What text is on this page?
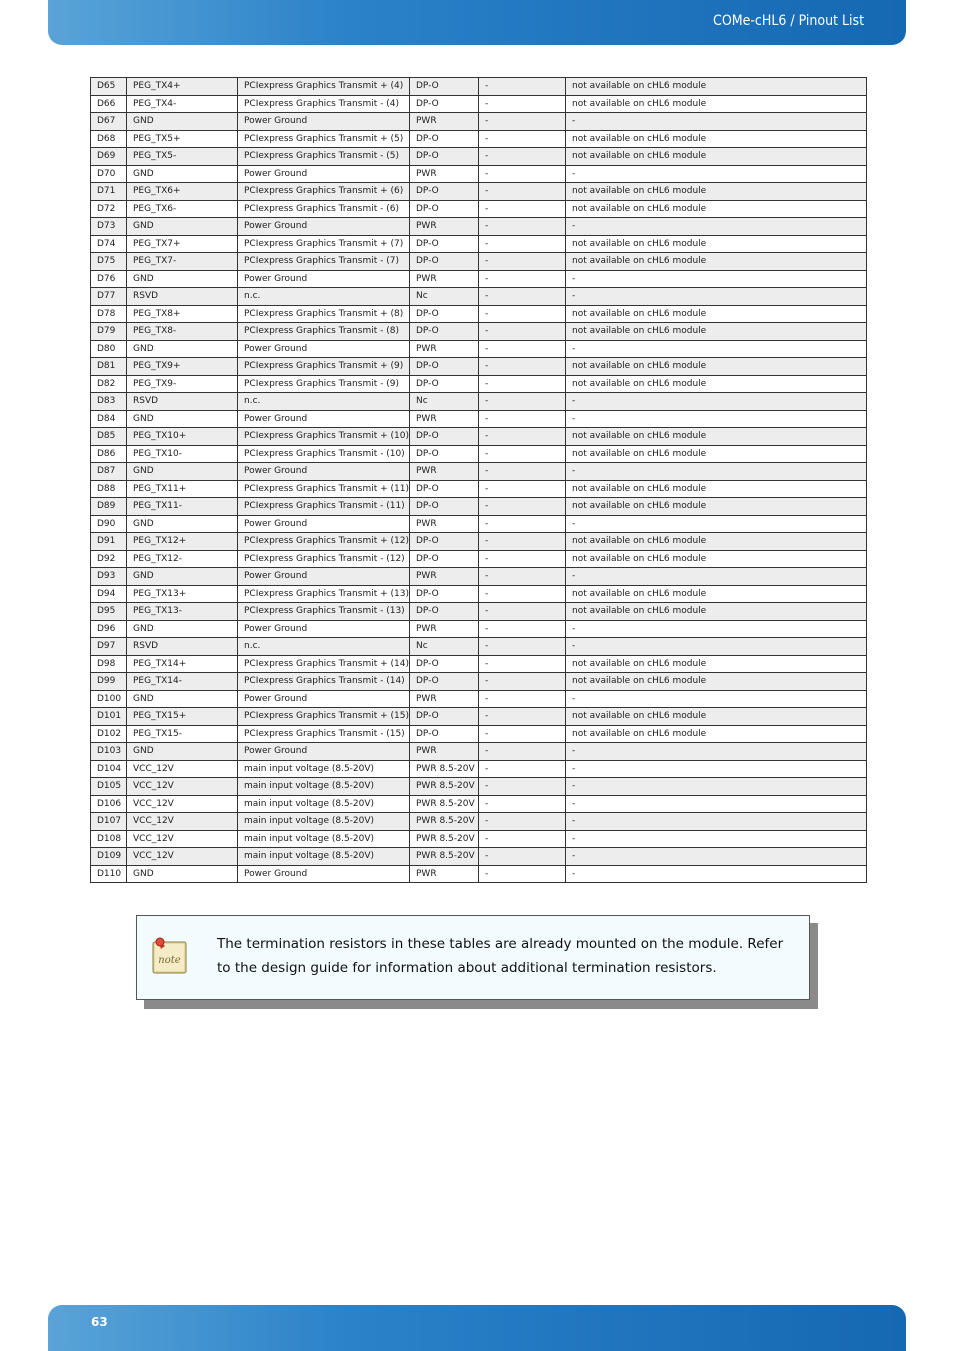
COMe-cHL6 / Pinout List
D65	PEG_TX4+	PCIexpress Graphics Transmit + (4)	DP-O	-	not available on cHL6 module
D66	PEG_TX4-	PCIexpress Graphics Transmit - (4)	DP-O	-	not available on cHL6 module
D67	GND	Power Ground	PWR	-	-
D68	PEG_TX5+	PCIexpress Graphics Transmit + (5)	DP-O	-	not available on cHL6 module
D69	PEG_TX5-	PCIexpress Graphics Transmit - (5)	DP-O	-	not available on cHL6 module
D70	GND	Power Ground	PWR	-	-
D71	PEG_TX6+	PCIexpress Graphics Transmit + (6)	DP-O	-	not available on cHL6 module
D72	PEG_TX6-	PCIexpress Graphics Transmit - (6)	DP-O	-	not available on cHL6 module
D73	GND	Power Ground	PWR	-	-
D74	PEG_TX7+	PCIexpress Graphics Transmit + (7)	DP-O	-	not available on cHL6 module
D75	PEG_TX7-	PCIexpress Graphics Transmit - (7)	DP-O	-	not available on cHL6 module
D76	GND	Power Ground	PWR	-	-
D77	RSVD	n.c.	Nc	-	-
D78	PEG_TX8+	PCIexpress Graphics Transmit + (8)	DP-O	-	not available on cHL6 module
D79	PEG_TX8-	PCIexpress Graphics Transmit - (8)	DP-O	-	not available on cHL6 module
D80	GND	Power Ground	PWR	-	-
D81	PEG_TX9+	PCIexpress Graphics Transmit + (9)	DP-O	-	not available on cHL6 module
D82	PEG_TX9-	PCIexpress Graphics Transmit - (9)	DP-O	-	not available on cHL6 module
D83	RSVD	n.c.	Nc	-	-
D84	GND	Power Ground	PWR	-	-
D85	PEG_TX10+	PCIexpress Graphics Transmit + (10)	DP-O	-	not available on cHL6 module
D86	PEG_TX10-	PCIexpress Graphics Transmit - (10)	DP-O	-	not available on cHL6 module
D87	GND	Power Ground	PWR	-	-
D88	PEG_TX11+	PCIexpress Graphics Transmit + (11)	DP-O	-	not available on cHL6 module
D89	PEG_TX11-	PCIexpress Graphics Transmit - (11)	DP-O	-	not available on cHL6 module
D90	GND	Power Ground	PWR	-	-
D91	PEG_TX12+	PCIexpress Graphics Transmit + (12)	DP-O	-	not available on cHL6 module
D92	PEG_TX12-	PCIexpress Graphics Transmit - (12)	DP-O	-	not available on cHL6 module
D93	GND	Power Ground	PWR	-	-
D94	PEG_TX13+	PCIexpress Graphics Transmit + (13)	DP-O	-	not available on cHL6 module
D95	PEG_TX13-	PCIexpress Graphics Transmit - (13)	DP-O	-	not available on cHL6 module
D96	GND	Power Ground	PWR	-	-
D97	RSVD	n.c.	Nc	-	-
D98	PEG_TX14+	PCIexpress Graphics Transmit + (14)	DP-O	-	not available on cHL6 module
D99	PEG_TX14-	PCIexpress Graphics Transmit - (14)	DP-O	-	not available on cHL6 module
D100	GND	Power Ground	PWR	-	-
D101	PEG_TX15+	PCIexpress Graphics Transmit + (15)	DP-O	-	not available on cHL6 module
D102	PEG_TX15-	PCIexpress Graphics Transmit - (15)	DP-O	-	not available on cHL6 module
D103	GND	Power Ground	PWR	-	-
D104	VCC_12V	main input voltage (8.5-20V)	PWR 8.5-20V	-	-
D105	VCC_12V	main input voltage (8.5-20V)	PWR 8.5-20V	-	-
D106	VCC_12V	main input voltage (8.5-20V)	PWR 8.5-20V	-	-
D107	VCC_12V	main input voltage (8.5-20V)	PWR 8.5-20V	-	-
D108	VCC_12V	main input voltage (8.5-20V)	PWR 8.5-20V	-	-
D109	VCC_12V	main input voltage (8.5-20V)	PWR 8.5-20V	-	-
D110	GND	Power Ground	PWR	-	-
note
The termination resistors in these tables are already mounted on the module. Refer to the design guide for information about additional termination resistors.
63
